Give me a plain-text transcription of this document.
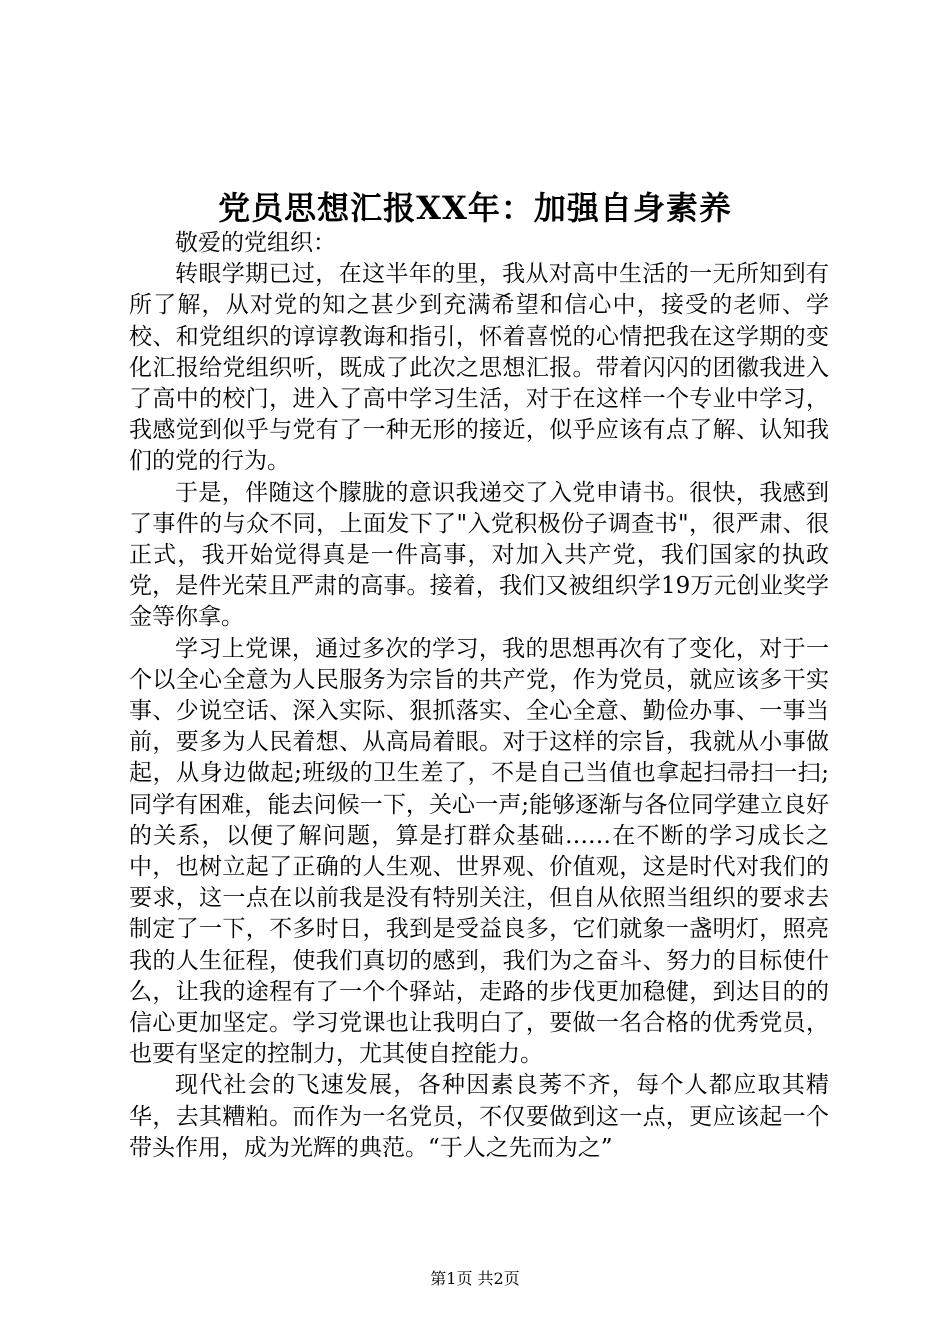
党员思想汇报XX年：加强自身素养

敬爱的党组织：

转眼学期已过，在这半年的里，我从对高中生活的一无所知到有所了解，从对党的知之甚少到充满希望和信心中，接受的老师、学校、和党组织的谆谆教诲和指引，怀着喜悦的心情把我在这学期的变化汇报给党组织听，既成了此次之思想汇报。带着闪闪的团徽我进入了高中的校门，进入了高中学习生活，对于在这样一个专业中学习，我感觉到似乎与党有了一种无形的接近，似乎应该有点了解、认知我们的党的行为。

于是，伴随这个朦胧的意识我递交了入党申请书。很快，我感到了事件的与众不同，上面发下了"入党积极份子调查书"，很严肃、很正式，我开始觉得真是一件高事，对加入共产党，我们国家的执政党，是件光荣且严肃的高事。接着，我们又被组织学19万元创业奖学金等你拿。

学习上党课，通过多次的学习，我的思想再次有了变化，对于一个以全心全意为人民服务为宗旨的共产党，作为党员，就应该多干实事、少说空话、深入实际、狠抓落实、全心全意、勤俭办事、一事当前，要多为人民着想、从高局着眼。对于这样的宗旨，我就从小事做起，从身边做起;班级的卫生差了，不是自己当值也拿起扫帚扫一扫;同学有困难，能去问候一下，关心一声;能够逐渐与各位同学建立良好的关系，以便了解问题，算是打群众基础……在不断的学习成长之中，也树立起了正确的人生观、世界观、价值观，这是时代对我们的要求，这一点在以前我是没有特别关注，但自从依照当组织的要求去制定了一下，不多时日，我到是受益良多，它们就象一盏明灯，照亮我的人生征程，使我们真切的感到，我们为之奋斗、努力的目标使什么，让我的途程有了一个个驿站，走路的步伐更加稳健，到达目的的信心更加坚定。学习党课也让我明白了，要做一名合格的优秀党员，也要有坚定的控制力，尤其使自控能力。

现代社会的飞速发展，各种因素良莠不齐，每个人都应取其精华，去其糟粕。而作为一名党员，不仅要做到这一点，更应该起一个带头作用，成为光辉的典范。“于人之先而为之”

第1页 共2页
